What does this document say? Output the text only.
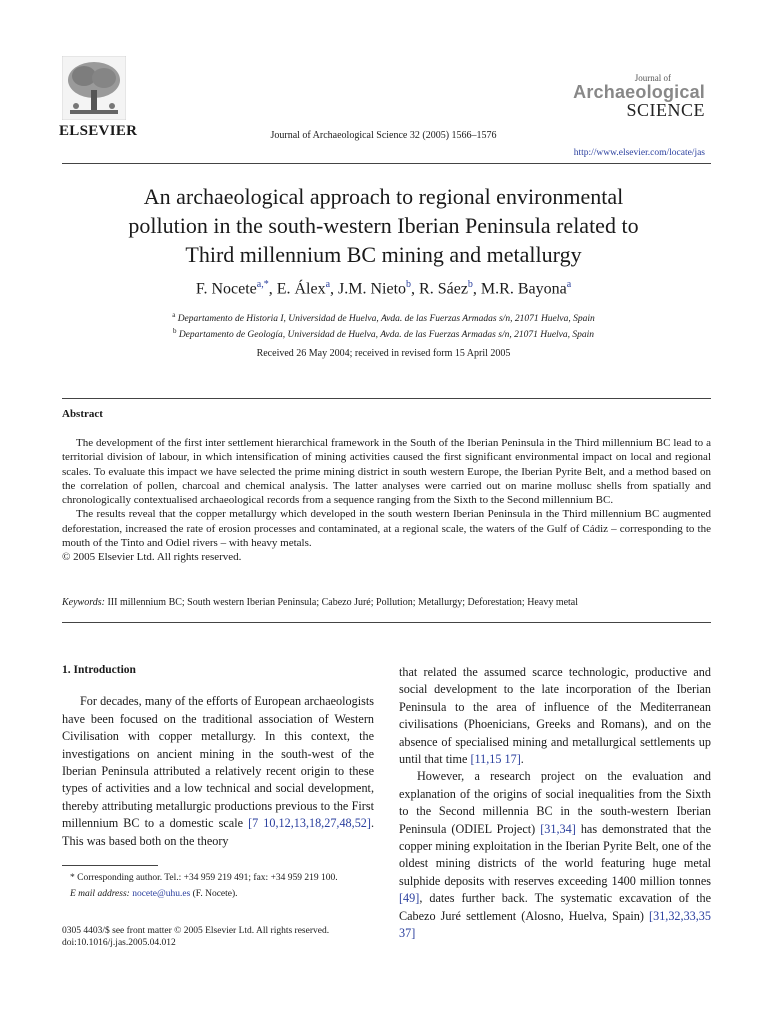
ELSEVIER	Journal of Archaeological Science 32 (2005) 1566–1576
Journal of
Archaeological
SCIENCE
http://www.elsevier.com/locate/jas
An archaeological approach to regional environmental
pollution in the south-western Iberian Peninsula related to
Third millennium BC mining and metallurgy
F. Nocete$^{a,*}$, E. Álex$^a$, J.M. Nieto$^b$, R. Sáez$^b$, M.R. Bayona$^a$
$^a$ Departamento de Historia I, Universidad de Huelva, Avda. de las Fuerzas Armadas s/n, 21071 Huelva, Spain
$^b$ Departamento de Geología, Universidad de Huelva, Avda. de las Fuerzas Armadas s/n, 21071 Huelva, Spain
Received 26 May 2004; received in revised form 15 April 2005
Abstract

The development of the first inter settlement hierarchical framework in the South of the Iberian Peninsula in the Third millennium BC lead to a territorial division of labour, in which intensification of mining activities caused the first significant environmental impact on local and regional scales. To evaluate this impact we have selected the prime mining district in south western Europe, the Iberian Pyrite Belt, and a method based on the correlation of pollen, charcoal and chemical analysis. The latter analyses were carried out on marine mollusc shells from spatially and chronologically contextualised archaeological records from a sequence ranging from the Sixth to the Second millennium BC.

The results reveal that the copper metallurgy which developed in the south western Iberian Peninsula in the Third millennium BC augmented deforestation, increased the rate of erosion processes and contaminated, at a regional scale, the waters of the Gulf of Cádiz – corresponding to the mouth of the Tinto and Odiel rivers – with heavy metals.

© 2005 Elsevier Ltd. All rights reserved.

Keywords: III millennium BC; South western Iberian Peninsula; Cabezo Juré; Pollution; Metallurgy; Deforestation; Heavy metal

1. Introduction

For decades, many of the efforts of European archaeologists have been focused on the traditional association of Western Civilisation with copper metallurgy. In this context, the investigations on ancient mining in the south-west of the Iberian Peninsula attributed a relatively recent origin to these types of activities and a low technical and social development, thereby attributing metallurgic productions previous to the First millennium BC to a domestic scale [7 10,12,13,18,27,48,52]. This was based both on the theory

* Corresponding author. Tel.: +34 959 219 491; fax: +34 959 219 100.
E mail address: nocete@uhu.es (F. Nocete).

that related the assumed scarce technologic, productive and social development to the late incorporation of the Iberian Peninsula to the area of influence of the Mediterranean civilisations (Phoenicians, Greeks and Romans), and on the absence of specialised mining and metallurgical settlements up until that time [11,15 17].

However, a research project on the evaluation and explanation of the origins of social inequalities from the Sixth to the Second millennia BC in the south-western Iberian Peninsula (ODIEL Project) [31,34] has demonstrated that the copper mining exploitation in the Iberian Pyrite Belt, one of the oldest mining districts of the world featuring huge metal sulphide deposits with reserves exceeding 1400 million tonnes [49], dates further back. The systematic excavation of the Cabezo Juré settlement (Alosno, Huelva, Spain) [31,32,33,35 37]

0305 4403/$ see front matter © 2005 Elsevier Ltd. All rights reserved.
doi:10.1016/j.jas.2005.04.012
